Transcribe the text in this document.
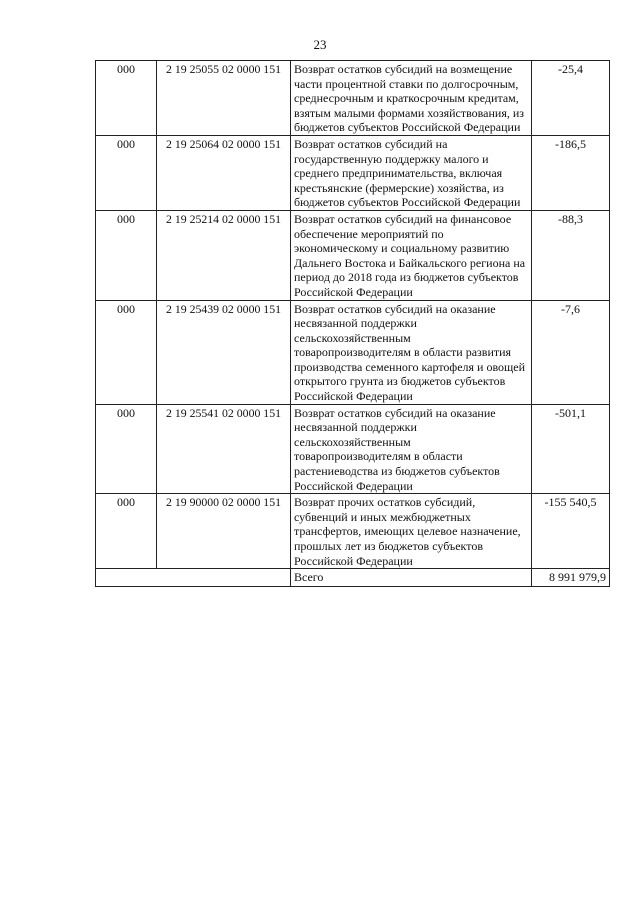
23
000	2 19 25055 02 0000 151	Возврат остатков субсидий на возмещение части процентной ставки по долгосрочным, среднесрочным и краткосрочным кредитам, взятым малыми формами хозяйствования, из бюджетов субъектов Российской Федерации	-25,4
000	2 19 25064 02 0000 151	Возврат остатков субсидий на государственную поддержку малого и среднего предпринимательства, включая крестьянские (фермерские) хозяйства, из бюджетов субъектов Российской Федерации	-186,5
000	2 19 25214 02 0000 151	Возврат остатков субсидий на финансовое обеспечение мероприятий по экономическому и социальному развитию Дальнего Востока и Байкальского региона на период до 2018 года из бюджетов субъектов Российской Федерации	-88,3
000	2 19 25439 02 0000 151	Возврат остатков субсидий на оказание несвязанной поддержки сельскохозяйственным товаропроизводителям в области развития производства семенного картофеля и овощей открытого грунта из бюджетов субъектов Российской Федерации	-7,6
000	2 19 25541 02 0000 151	Возврат остатков субсидий на оказание несвязанной поддержки сельскохозяйственным товаропроизводителям в области растениеводства из бюджетов субъектов Российской Федерации	-501,1
000	2 19 90000 02 0000 151	Возврат прочих остатков субсидий, субвенций и иных межбюджетных трансфертов, имеющих целевое назначение, прошлых лет из бюджетов субъектов Российской Федерации	-155 540,5
		Всего	8 991 979,9
